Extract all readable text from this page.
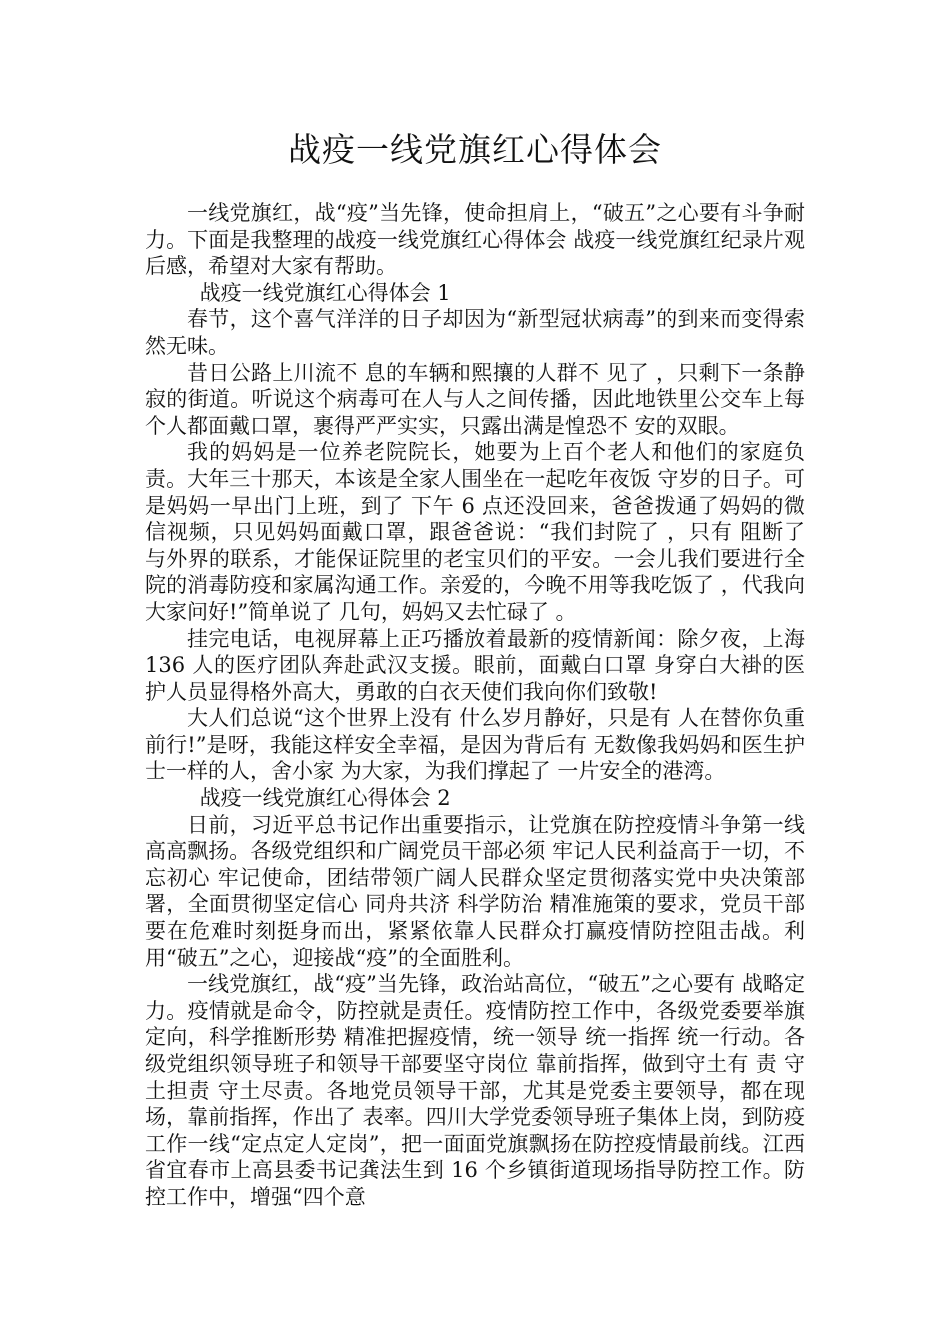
战疫一线党旗红心得体会

一线党旗红，战“疫”当先锋，使命担肩上，“破五”之心要有斗争耐力。下面是我整理的战疫一线党旗红心得体会 战疫一线党旗红纪录片观后感，希望对大家有帮助。

战疫一线党旗红心得体会 1

春节，这个喜气洋洋的日子却因为“新型冠状病毒”的到来而变得索然无味。

昔日公路上川流不 息的车辆和熙攘的人群不 见了 ，只剩下一条静寂的街道。听说这个病毒可在人与人之间传播，因此地铁里公交车上每个人都面戴口罩，裹得严严实实，只露出满是惶恐不 安的双眼。

我的妈妈是一位养老院院长，她要为上百个老人和他们的家庭负责。大年三十那天，本该是全家人围坐在一起吃年夜饭 守岁的日子。可是妈妈一早出门上班，到了 下午 6 点还没回来，爸爸拨通了妈妈的微信视频，只见妈妈面戴口罩，跟爸爸说：“我们封院了 ，只有 阻断了 与外界的联系，才能保证院里的老宝贝们的平安。一会儿我们要进行全院的消毒防疫和家属沟通工作。亲爱的，今晚不用等我吃饭了 ，代我向大家问好!”简单说了 几句，妈妈又去忙碌了 。

挂完电话，电视屏幕上正巧播放着最新的疫情新闻：除夕夜，上海 136 人的医疗团队奔赴武汉支援。眼前，面戴白口罩 身穿白大褂的医护人员显得格外高大，勇敢的白衣天使们我向你们致敬!

大人们总说“这个世界上没有 什么岁月静好，只是有 人在替你负重前行!”是呀，我能这样安全幸福，是因为背后有 无数像我妈妈和医生护士一样的人，舍小家 为大家，为我们撑起了 一片安全的港湾。

战疫一线党旗红心得体会 2

日前，习近平总书记作出重要指示，让党旗在防控疫情斗争第一线高高飘扬。各级党组织和广阔党员干部必须 牢记人民利益高于一切，不 忘初心 牢记使命，团结带领广阔人民群众坚定贯彻落实党中央决策部署，全面贯彻坚定信心 同舟共济 科学防治 精准施策的要求，党员干部要在危难时刻挺身而出，紧紧依靠人民群众打赢疫情防控阻击战。利用“破五”之心，迎接战“疫”的全面胜利。

一线党旗红，战“疫”当先锋，政治站高位，“破五”之心要有 战略定力。疫情就是命令，防控就是责任。疫情防控工作中，各级党委要举旗定向，科学推断形势 精准把握疫情，统一领导 统一指挥 统一行动。各级党组织领导班子和领导干部要坚守岗位 靠前指挥，做到守土有 责 守土担责 守土尽责。各地党员领导干部，尤其是党委主要领导，都在现场，靠前指挥，作出了 表率。四川大学党委领导班子集体上岗，到防疫工作一线“定点定人定岗”，把一面面党旗飘扬在防控疫情最前线。江西省宜春市上高县委书记龚法生到 16 个乡镇街道现场指导防控工作。防控工作中，增强“四个意
